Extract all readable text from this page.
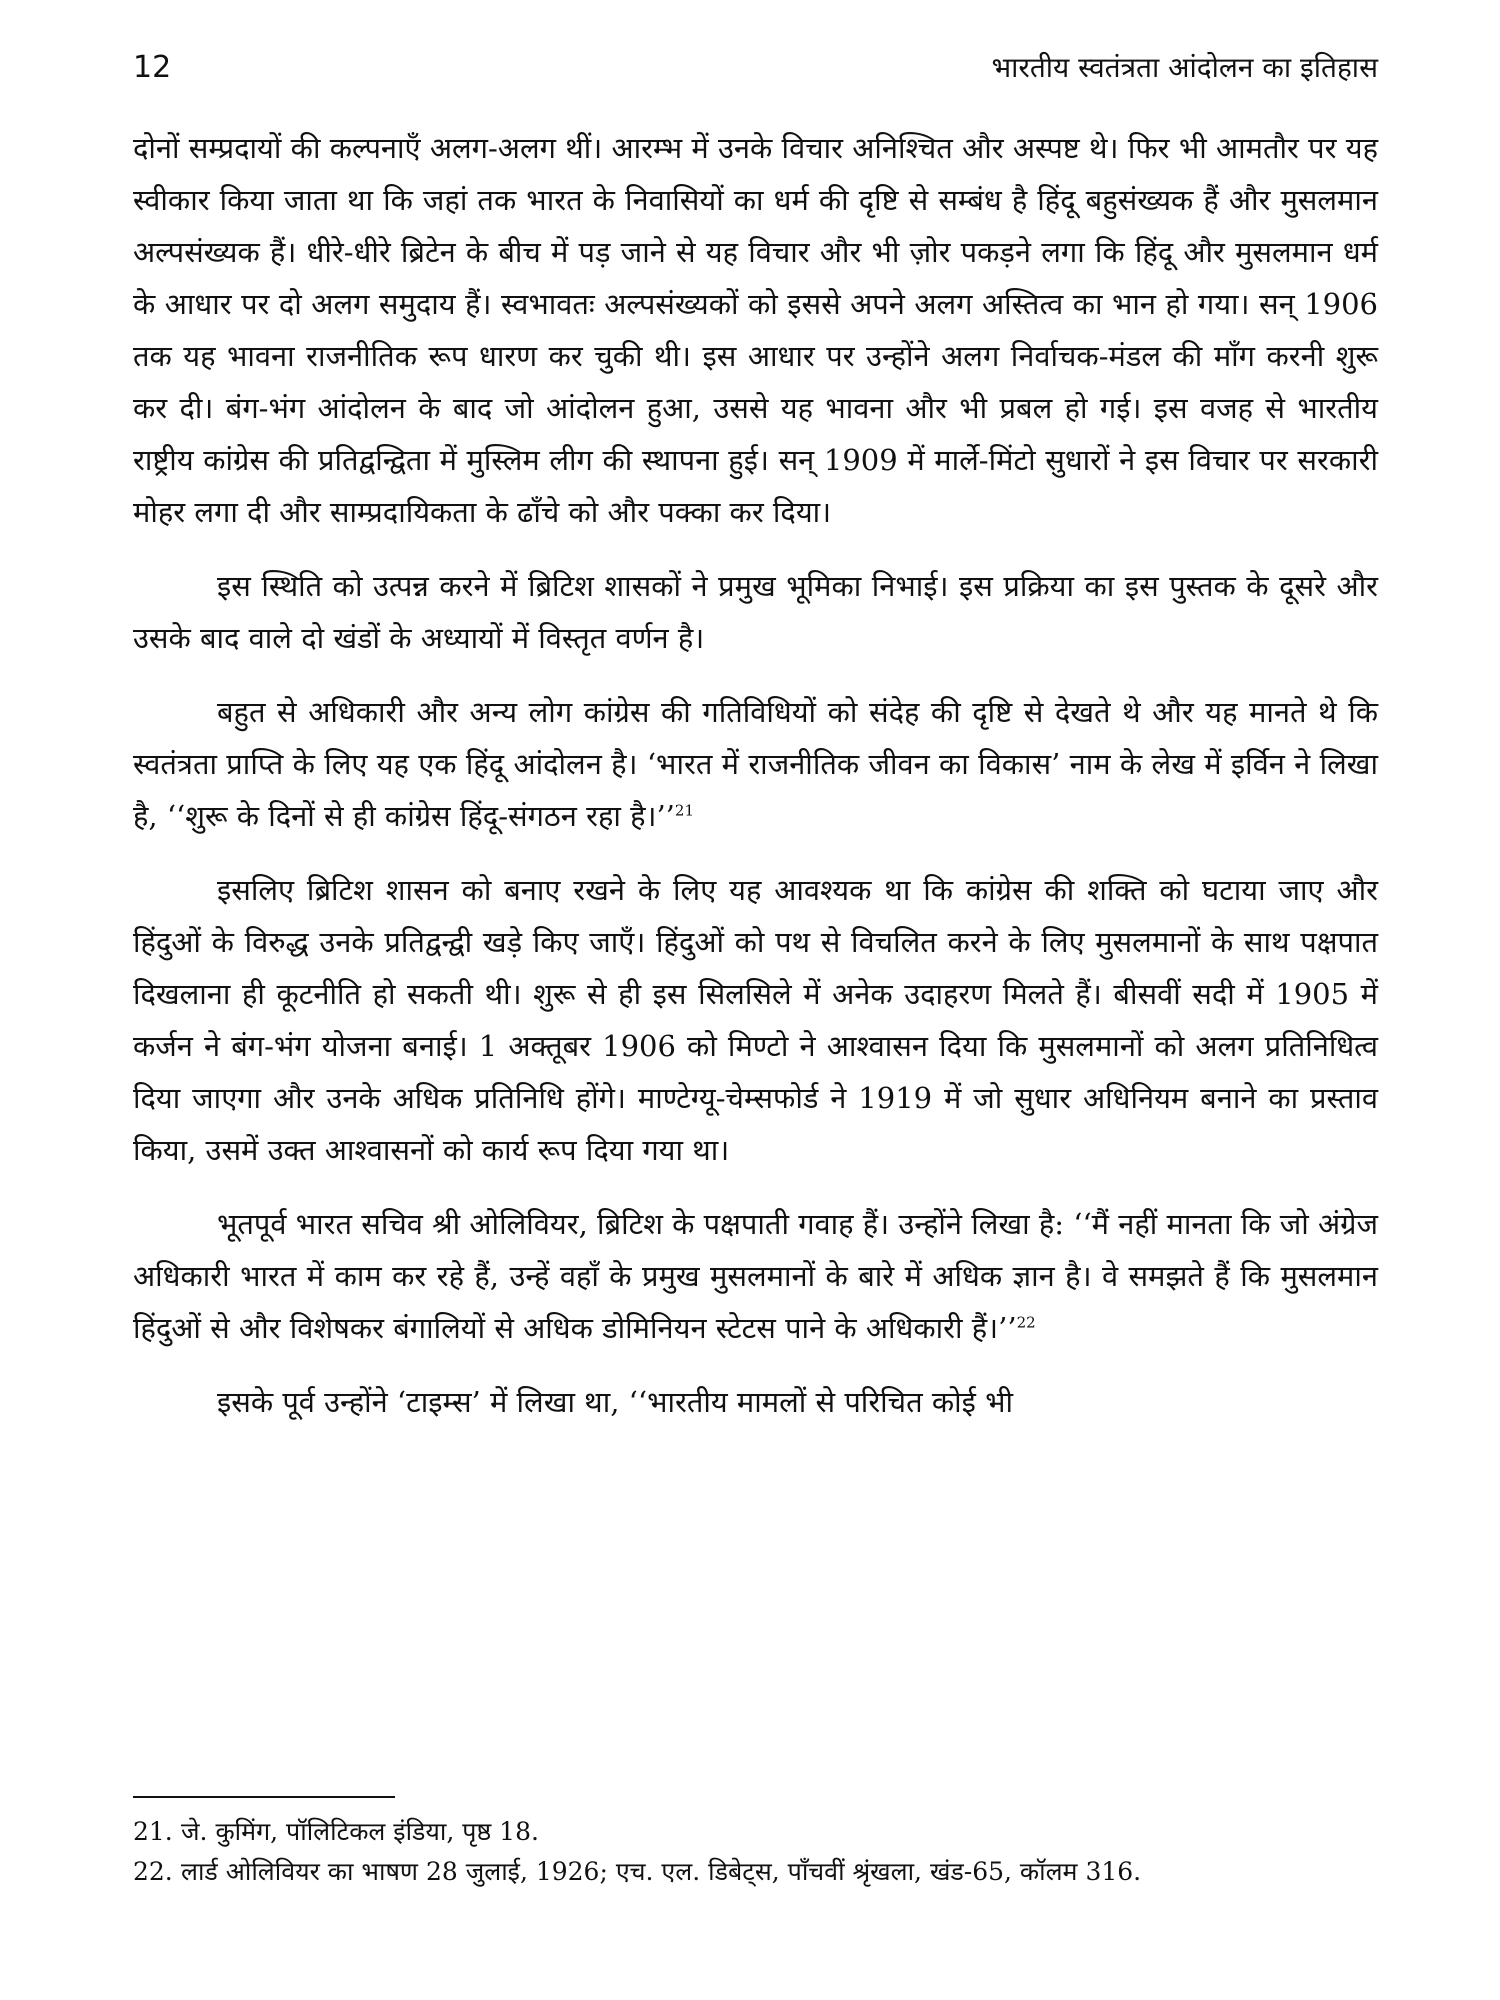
12	भारतीय स्वतंत्रता आंदोलन का इतिहास

दोनों सम्प्रदायों की कल्पनाएँ अलग-अलग थीं। आरम्भ में उनके विचार अनिश्चित और अस्पष्ट थे। फिर भी आमतौर पर यह स्वीकार किया जाता था कि जहां तक भारत के निवासियों का धर्म की दृष्टि से सम्बंध है हिंदू बहुसंख्यक हैं और मुसलमान अल्पसंख्यक हैं। धीरे-धीरे ब्रिटेन के बीच में पड़ जाने से यह विचार और भी ज़ोर पकड़ने लगा कि हिंदू और मुसलमान धर्म के आधार पर दो अलग समुदाय हैं। स्वभावतः अल्पसंख्यकों को इससे अपने अलग अस्तित्व का भान हो गया। सन् 1906 तक यह भावना राजनीतिक रूप धारण कर चुकी थी। इस आधार पर उन्होंने अलग निर्वाचक-मंडल की माँग करनी शुरू कर दी। बंग-भंग आंदोलन के बाद जो आंदोलन हुआ, उससे यह भावना और भी प्रबल हो गई। इस वजह से भारतीय राष्ट्रीय कांग्रेस की प्रतिद्वन्द्विता में मुस्लिम लीग की स्थापना हुई। सन् 1909 में मार्ले-मिंटो सुधारों ने इस विचार पर सरकारी मोहर लगा दी और साम्प्रदायिकता के ढाँचे को और पक्का कर दिया।

इस स्थिति को उत्पन्न करने में ब्रिटिश शासकों ने प्रमुख भूमिका निभाई। इस प्रक्रिया का इस पुस्तक के दूसरे और उसके बाद वाले दो खंडों के अध्यायों में विस्तृत वर्णन है।

बहुत से अधिकारी और अन्य लोग कांग्रेस की गतिविधियों को संदेह की दृष्टि से देखते थे और यह मानते थे कि स्वतंत्रता प्राप्ति के लिए यह एक हिंदू आंदोलन है। ‘भारत में राजनीतिक जीवन का विकास’ नाम के लेख में इर्विन ने लिखा है, ‘‘शुरू के दिनों से ही कांग्रेस हिंदू-संगठन रहा है।’’$^{21}$

इसलिए ब्रिटिश शासन को बनाए रखने के लिए यह आवश्यक था कि कांग्रेस की शक्ति को घटाया जाए और हिंदुओं के विरुद्ध उनके प्रतिद्वन्द्वी खड़े किए जाएँ। हिंदुओं को पथ से विचलित करने के लिए मुसलमानों के साथ पक्षपात दिखलाना ही कूटनीति हो सकती थी। शुरू से ही इस सिलसिले में अनेक उदाहरण मिलते हैं। बीसवीं सदी में 1905 में कर्जन ने बंग-भंग योजना बनाई। 1 अक्तूबर 1906 को मिण्टो ने आश्वासन दिया कि मुसलमानों को अलग प्रतिनिधित्व दिया जाएगा और उनके अधिक प्रतिनिधि होंगे। माण्टेग्यू-चेम्सफोर्ड ने 1919 में जो सुधार अधिनियम बनाने का प्रस्ताव किया, उसमें उक्त आश्वासनों को कार्य रूप दिया गया था।

भूतपूर्व भारत सचिव श्री ओलिवियर, ब्रिटिश के पक्षपाती गवाह हैं। उन्होंने लिखा है: ‘‘मैं नहीं मानता कि जो अंग्रेज अधिकारी भारत में काम कर रहे हैं, उन्हें वहाँ के प्रमुख मुसलमानों के बारे में अधिक ज्ञान है। वे समझते हैं कि मुसलमान हिंदुओं से और विशेषकर बंगालियों से अधिक डोमिनियन स्टेटस पाने के अधिकारी हैं।’’$^{22}$

इसके पूर्व उन्होंने ‘टाइम्स’ में लिखा था, ‘‘भारतीय मामलों से परिचित कोई भी

21. जे. कुमिंग, पॉलिटिकल इंडिया, पृष्ठ 18.
22. लार्ड ओलिवियर का भाषण 28 जुलाई, 1926; एच. एल. डिबेट्स, पाँचवीं श्रृंखला, खंड-65, कॉलम 316.
